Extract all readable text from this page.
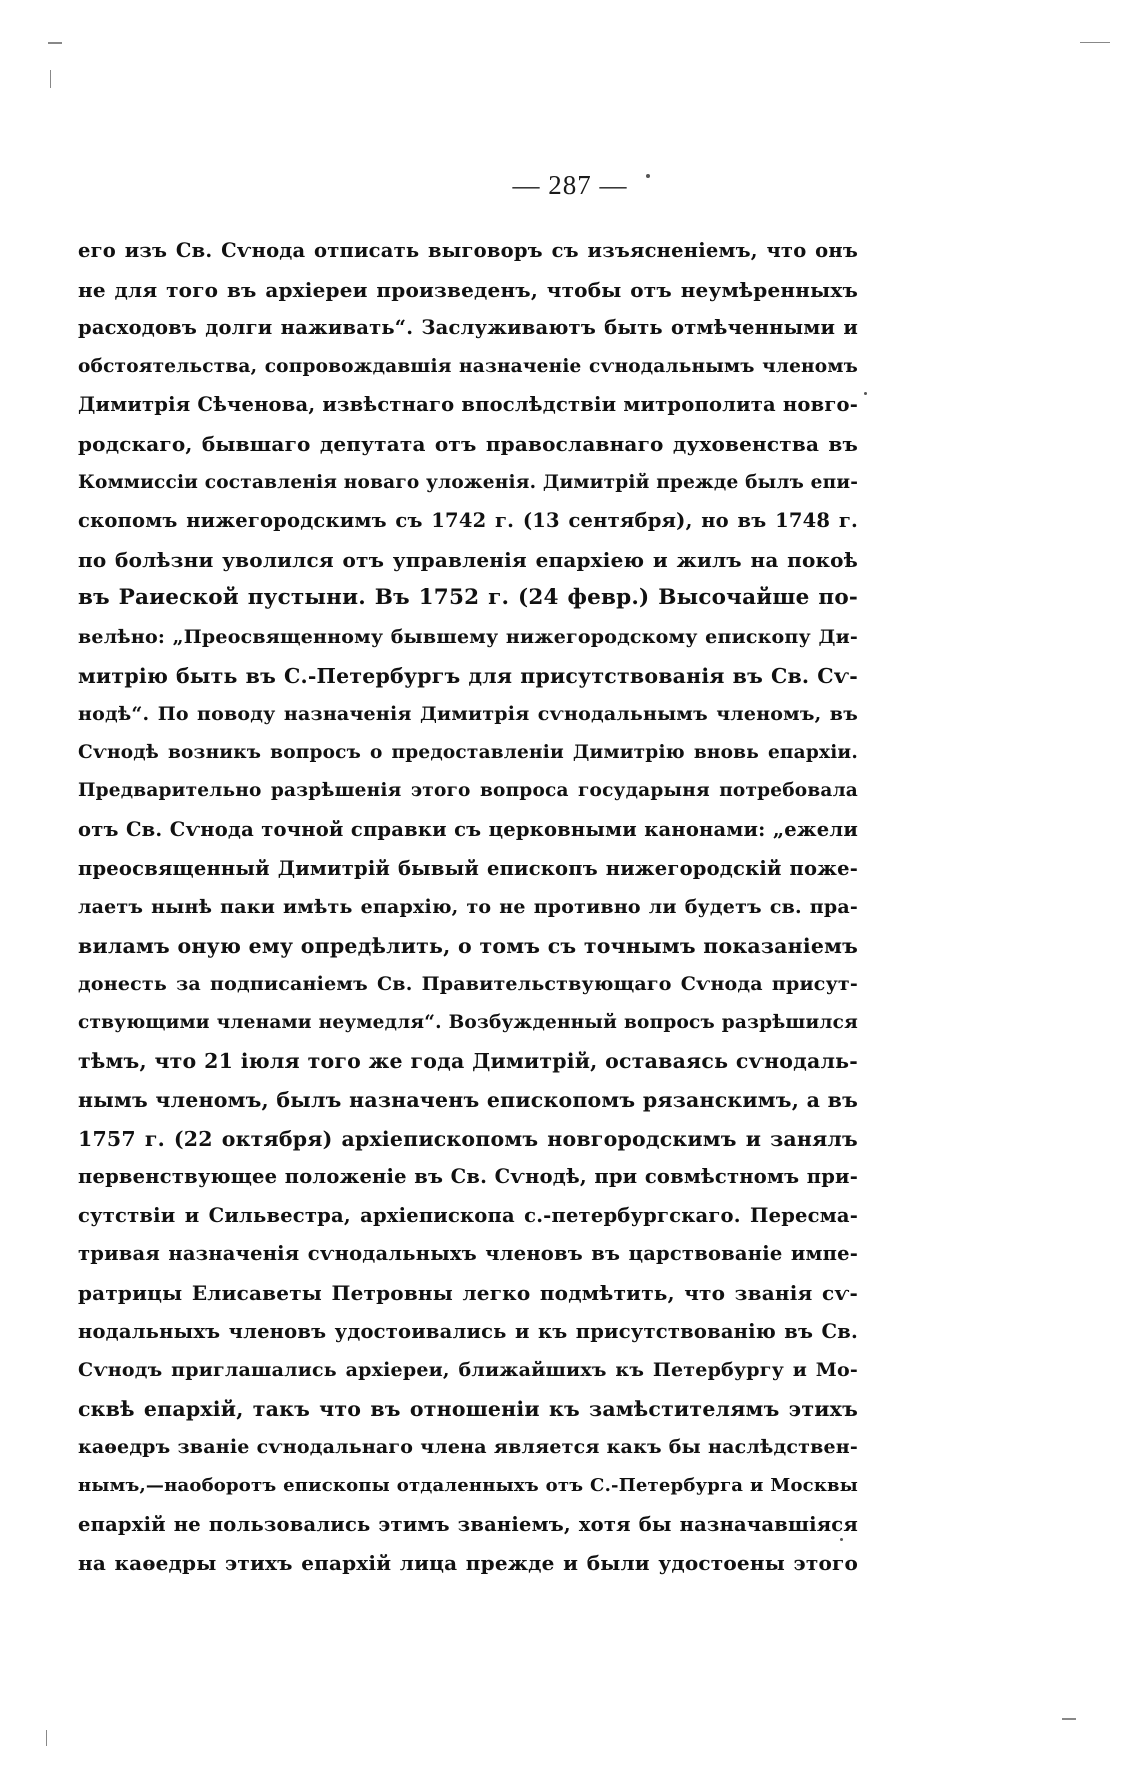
— 287 —
его изъ Св. Сѵнода отписать выговоръ съ изъясненіемъ, что онъ
не для того въ архіереи произведенъ, чтобы отъ неумѣренныхъ
расходовъ долги наживать“. Заслуживаютъ быть отмѣченными и
обстоятельства, сопровождавшія назначеніе сѵнодальнымъ членомъ
Димитрія Сѣченова, извѣстнаго впослѣдствіи митрополита новго-
родскаго, бывшаго депутата отъ православнаго духовенства въ
Коммиссіи составленія новаго уложенія. Димитрій прежде былъ епи-
скопомъ нижегородскимъ съ 1742 г. (13 сентября), но въ 1748 г.
по болѣзни уволился отъ управленія епархіею и жилъ на покоѣ
въ Раиеской пустыни. Въ 1752 г. (24 февр.) Высочайше по-
велѣно: „Преосвященному бывшему нижегородскому епископу Ди-
митрію быть въ С.-Петербургъ для присутствованія въ Св. Сѵ-
нодѣ“. По поводу назначенія Димитрія сѵнодальнымъ членомъ, въ
Сѵнодѣ возникъ вопросъ о предоставленіи Димитрію вновь епархіи.
Предварительно разрѣшенія этого вопроса государыня потребовала
отъ Св. Сѵнода точной справки съ церковными канонами: „ежели
преосвященный Димитрій бывый епископъ нижегородскій поже-
лаетъ нынѣ паки имѣть епархію, то не противно ли будетъ св. пра-
виламъ оную ему опредѣлить, о томъ съ точнымъ показаніемъ
донесть за подписаніемъ Св. Правительствующаго Сѵнода присут-
ствующими членами неумедля“. Возбужденный вопросъ разрѣшился
тѣмъ, что 21 іюля того же года Димитрій, оставаясь сѵнодаль-
нымъ членомъ, былъ назначенъ епископомъ рязанскимъ, а въ
1757 г. (22 октября) архіепископомъ новгородскимъ и занялъ
первенствующее положеніе въ Св. Сѵнодѣ, при совмѣстномъ при-
сутствіи и Сильвестра, архіепископа с.-петербургскаго. Пересма-
тривая назначенія сѵнодальныхъ членовъ въ царствованіе импе-
ратрицы Елисаветы Петровны легко подмѣтить, что званія сѵ-
нодальныхъ членовъ удостоивались и къ присутствованію въ Св.
Сѵнодъ приглашались архіереи, ближайшихъ къ Петербургу и Мо-
сквѣ епархій, такъ что въ отношеніи къ замѣстителямъ этихъ
каѳедръ званіе сѵнодальнаго члена является какъ бы наслѣдствен-
нымъ,—наоборотъ епископы отдаленныхъ отъ С.-Петербурга и Москвы
епархій не пользовались этимъ званіемъ, хотя бы назначавшіяся
на каѳедры этихъ епархій лица прежде и были удостоены этого
